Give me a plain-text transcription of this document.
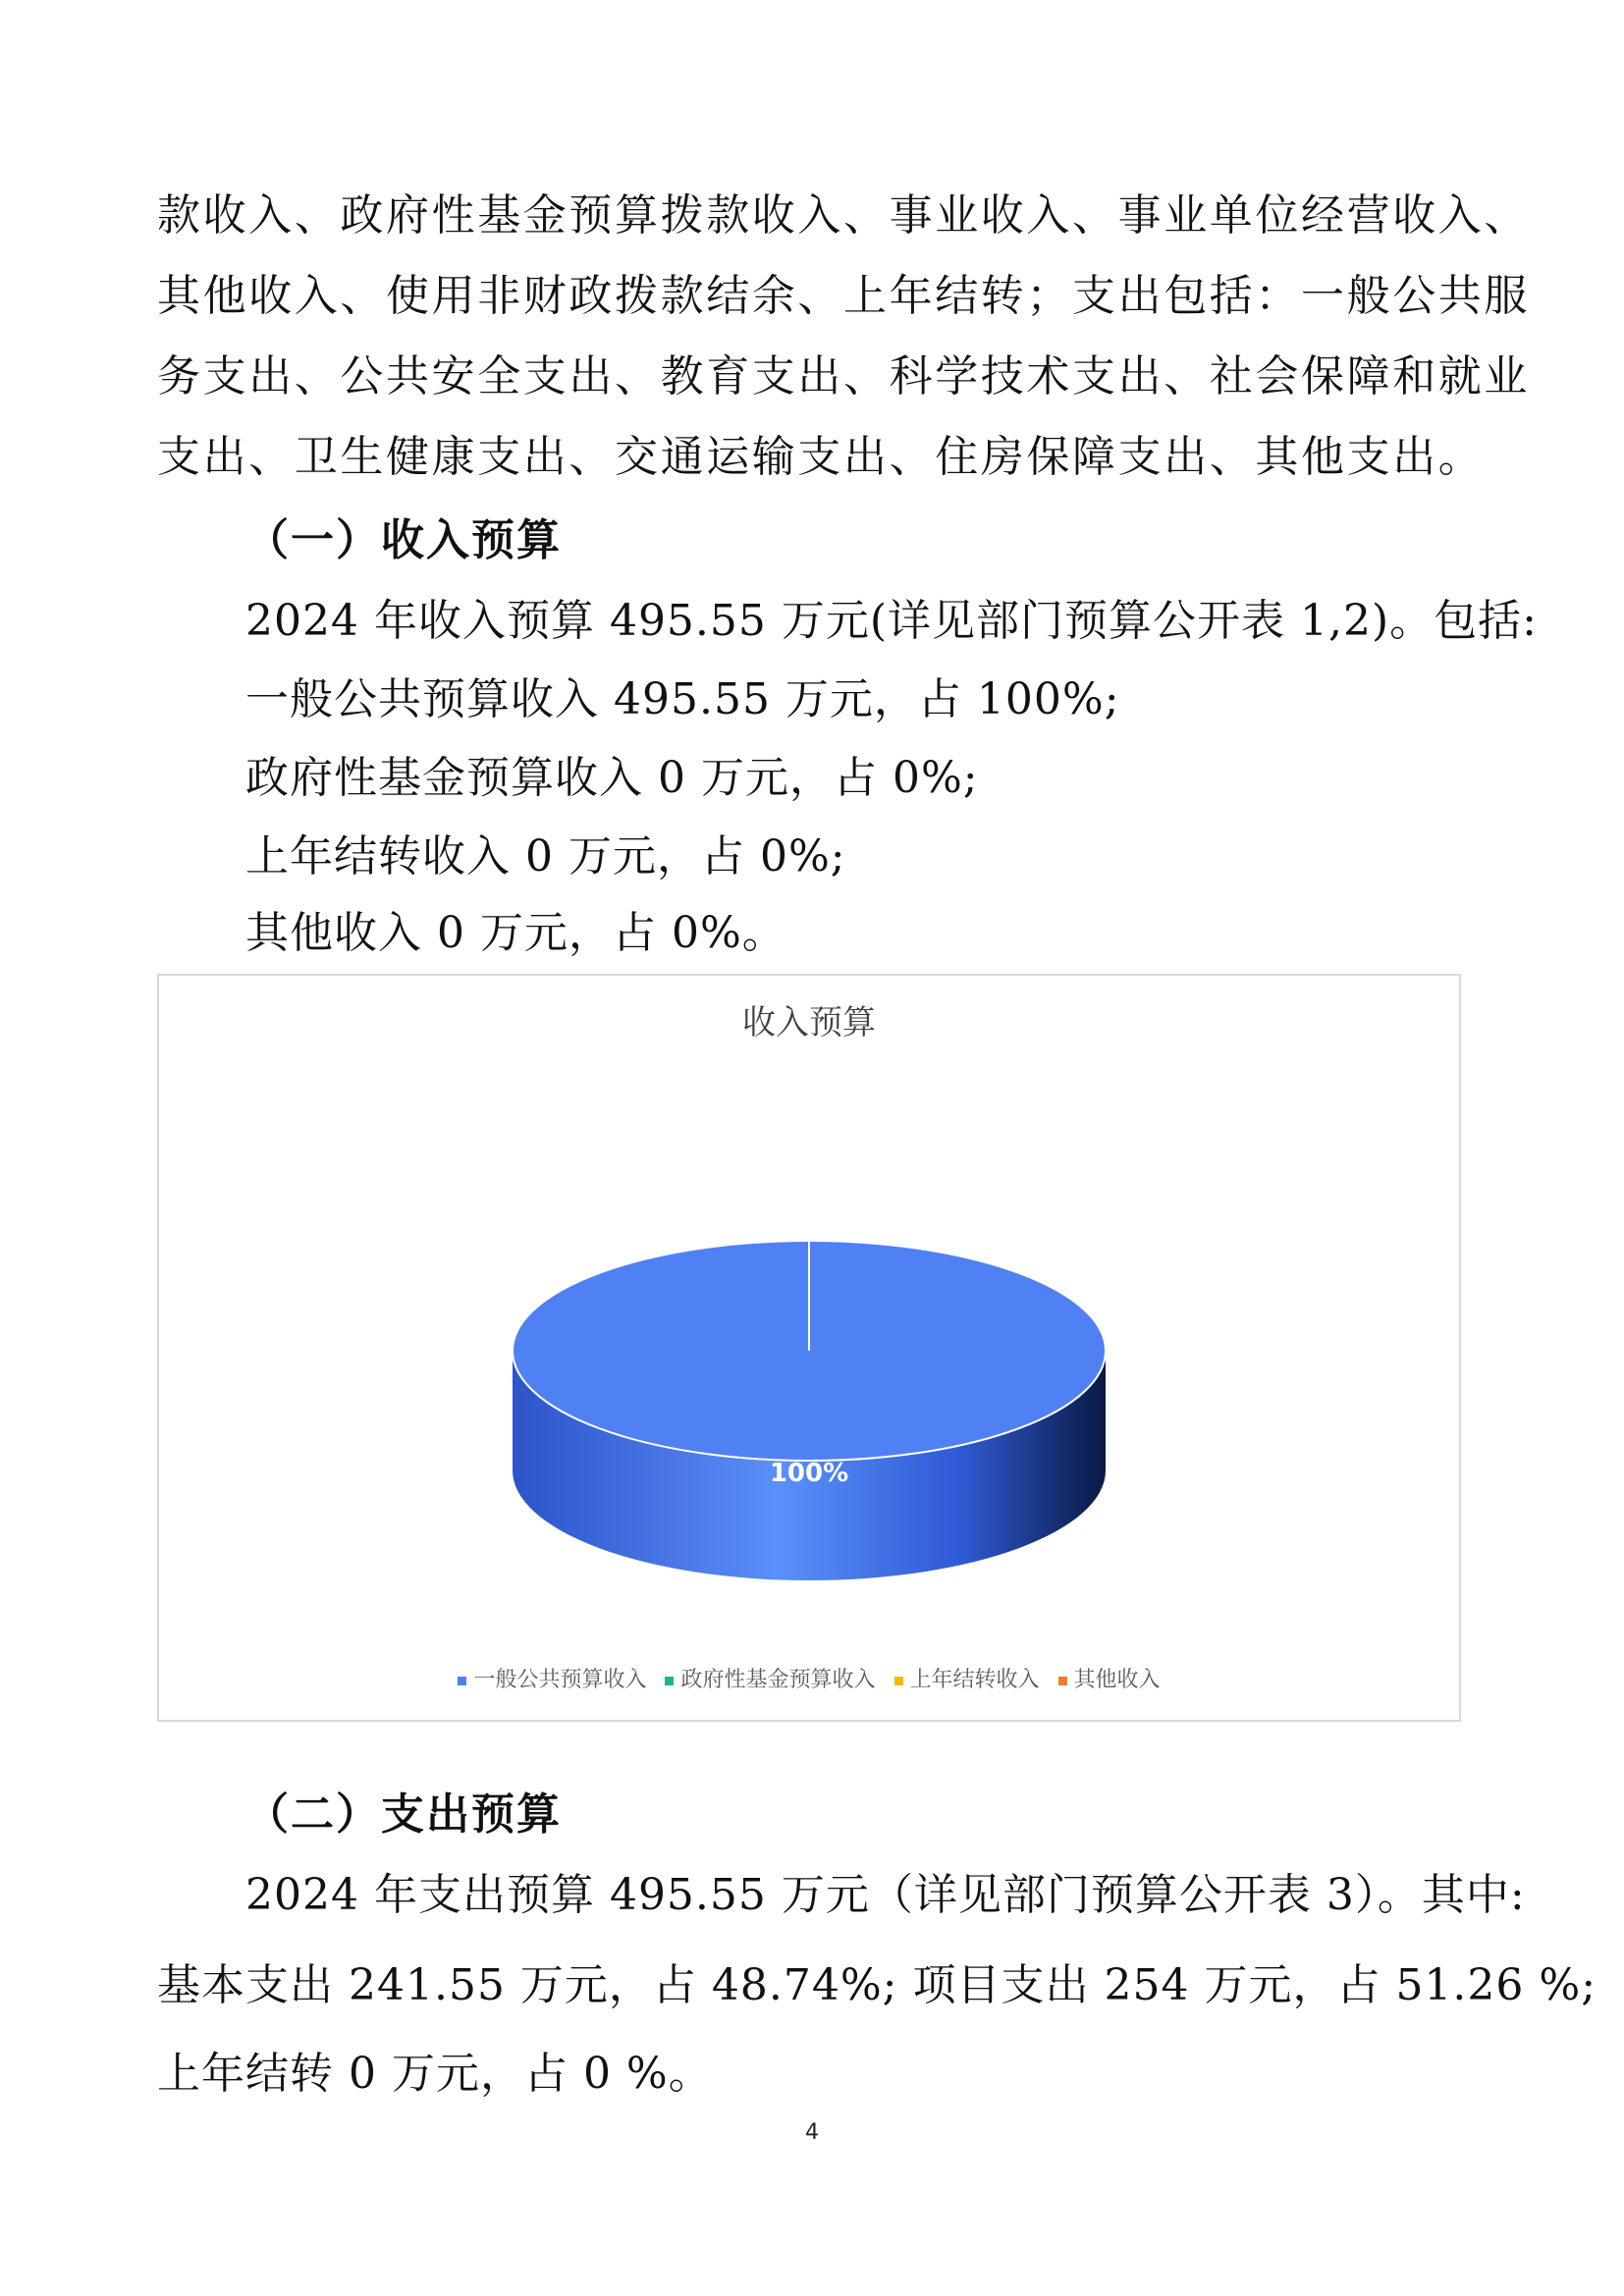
款收入、政府性基金预算拨款收入、事业收入、事业单位经营收入、
其他收入、使用非财政拨款结余、上年结转；支出包括：一般公共服
务支出、公共安全支出、教育支出、科学技术支出、社会保障和就业
支出、卫生健康支出、交通运输支出、住房保障支出、其他支出。
（一）收入预算
2024 年收入预算 495.55 万元(详见部门预算公开表 1,2)。包括:
一般公共预算收入 495.55 万元，占 100%;
政府性基金预算收入 0 万元，占 0%;
上年结转收入 0 万元，占 0%;
其他收入 0 万元，占 0%。
收入预算
100%
一般公共预算收入 政府性基金预算收入 上年结转收入 其他收入
（二）支出预算
2024 年支出预算 495.55 万元（详见部门预算公开表 3）。其中:
基本支出 241.55 万元，占 48.74%; 项目支出 254 万元，占 51.26 %;
上年结转 0 万元，占 0 %。
4
